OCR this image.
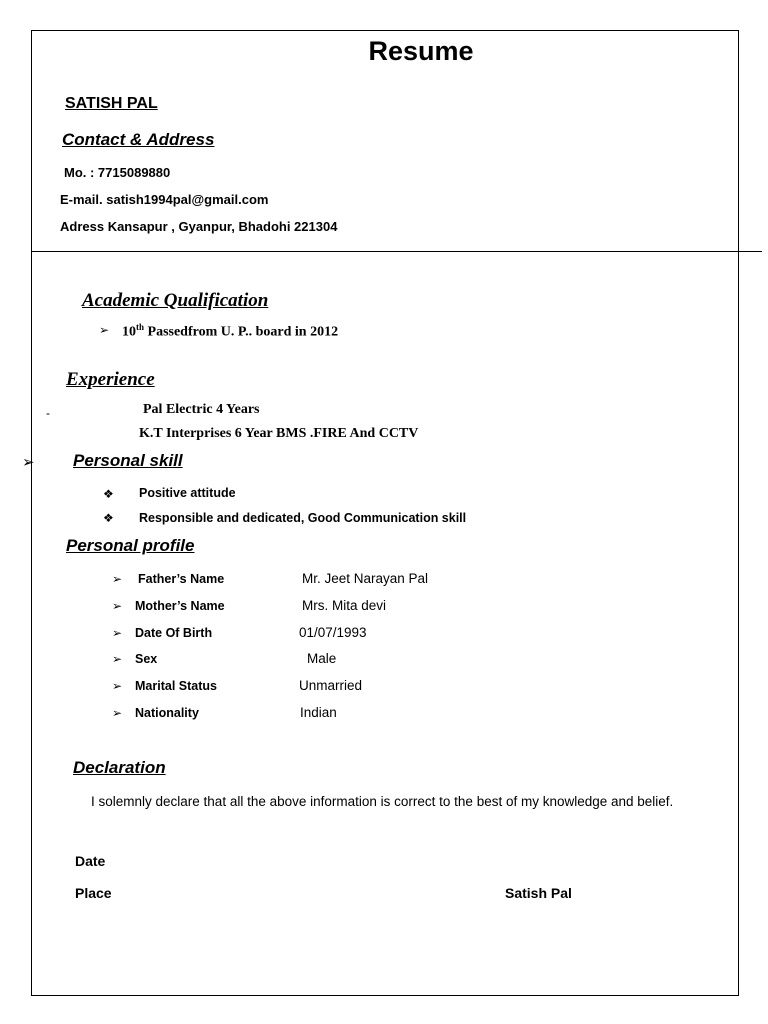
Resume
SATISH PAL
Contact & Address
Mo. : 7715089880
E-mail. satish1994pal@gmail.com
Adress Kansapur , Gyanpur, Bhadohi 221304
Academic Qualification
➢ 10th Passedfrom U. P.. board in 2012
Experience
-	Pal Electric 4 Years
K.T Interprises 6 Year BMS .FIRE And CCTV
➢ Personal skill
❖ Positive attitude
❖ Responsible and dedicated, Good Communication skill
Personal profile
➢ Father’s Name	Mr. Jeet Narayan Pal
➢ Mother’s Name	Mrs. Mita devi
➢ Date Of Birth	01/07/1993
➢ Sex	Male
➢ Marital Status	Unmarried
➢ Nationality	Indian
Declaration
I solemnly declare that all the above information is correct to the best of my knowledge and belief.
Date
Place	Satish Pal
